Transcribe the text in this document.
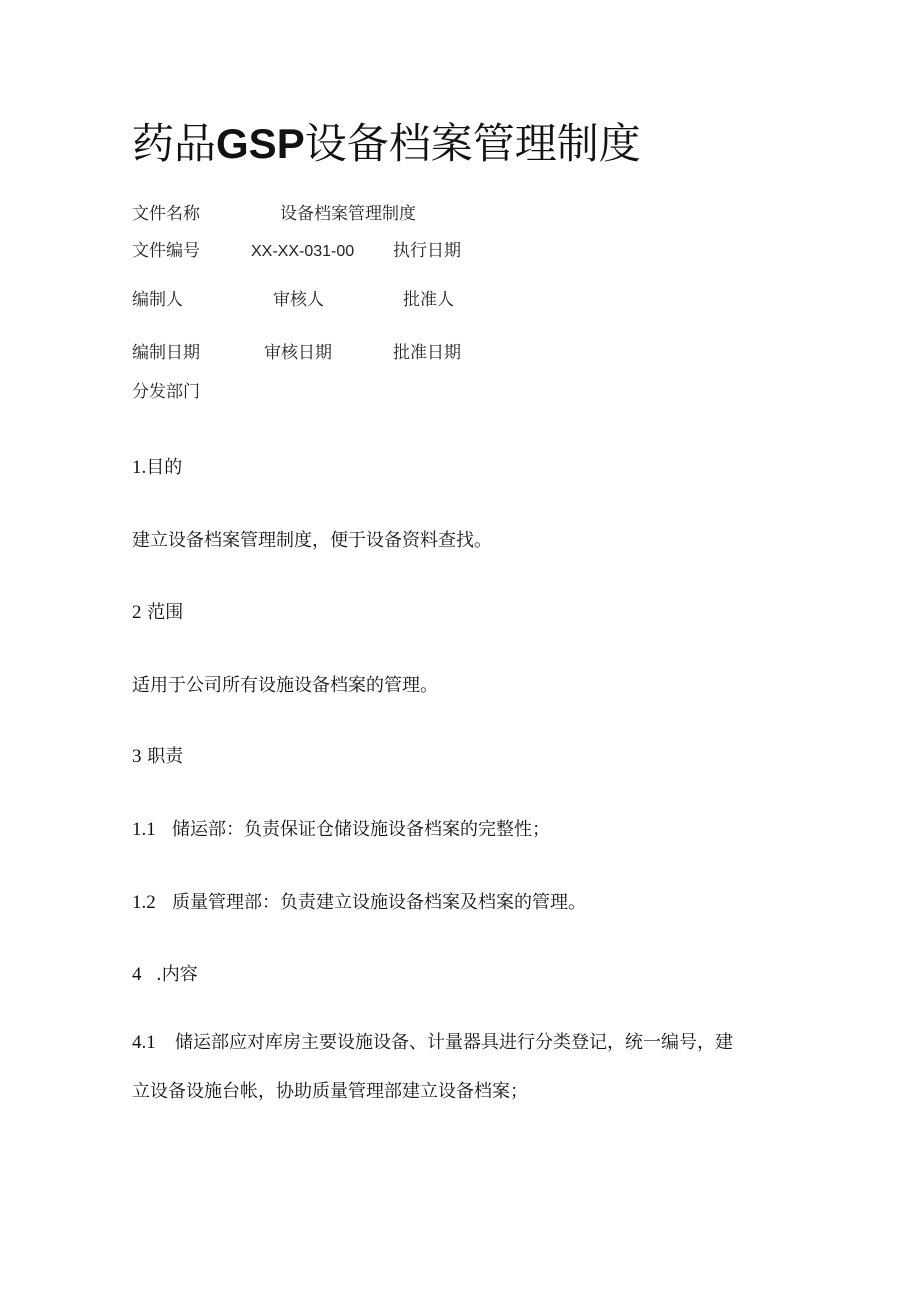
药品GSP设备档案管理制度
文件名称	设备档案管理制度
文件编号	XX-XX-031-00 执行日期
编制人	审核人	批准人
编制日期	审核日期	批准日期
分发部门
1.目的
建立设备档案管理制度，便于设备资料查找。
2 范围
适用于公司所有设施设备档案的管理。
3 职责
1.1 储运部：负责保证仓储设施设备档案的完整性；
1.2 质量管理部：负责建立设施设备档案及档案的管理。
4 .内容
4.1 储运部应对库房主要设施设备、计量器具进行分类登记，统一编号，建
立设备设施台帐，协助质量管理部建立设备档案；
